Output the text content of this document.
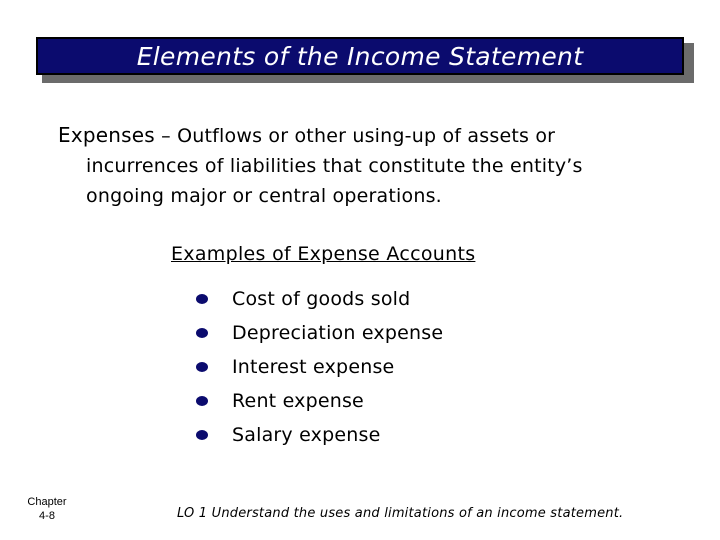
Elements of the Income Statement
Expenses – Outflows or other using-up of assets or
incurrences of liabilities that constitute the entity’s
ongoing major or central operations.
Examples of Expense Accounts
Cost of goods sold
Depreciation expense
Interest expense
Rent expense
Salary expense
Chapter
4-8	LO 1 Understand the uses and limitations of an income statement.
